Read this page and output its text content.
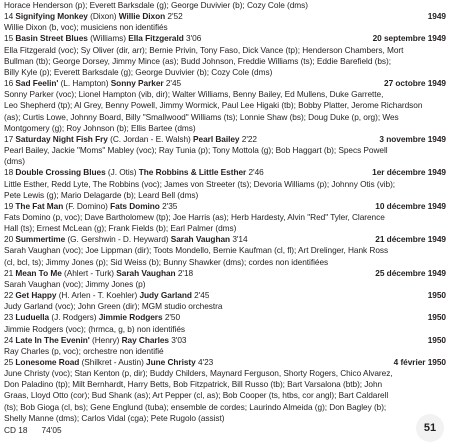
Horace Henderson (p); Everett Barksdale (g); George Duvivier (b); Cozy Cole (dms)
14 Signifying Monkey (Dixon) Willie Dixon 2'52	1949
Willie Dixon (b, voc); musiciens non identifiés
15 Basin Street Blues (Williams) Ella Fitzgerald 3'06	20 septembre 1949
Ella Fitzgerald (voc); Sy Oliver (dir, arr); Bernie Privin, Tony Faso, Dick Vance (tp); Henderson Chambers, Mort
Bullman (tb); George Dorsey, Jimmy Mince (as); Budd Johnson, Freddie Williams (ts); Eddie Barefield (bs);
Billy Kyle (p); Everett Barksdale (g); George Duvivier (b); Cozy Cole (dms)
16 Sad Feelin' (L. Hampton) Sonny Parker 2'45	27 octobre 1949
Sonny Parker (voc); Lionel Hampton (vib, dir); Walter Williams, Benny Bailey, Ed Mullens, Duke Garrette,
Leo Shepherd (tp); Al Grey, Benny Powell, Jimmy Wormick, Paul Lee Higaki (tb); Bobby Platter, Jerome Richardson
(as); Curtis Lowe, Johnny Board, Billy "Smallwood" Williams (ts); Lonnie Shaw (bs); Doug Duke (p, org); Wes
Montgomery (g); Roy Johnson (b); Ellis Bartee (dms)
17 Saturday Night Fish Fry (C. Jordan - E. Walsh) Pearl Bailey 2'22	3 novembre 1949
Pearl Bailey, Jackie "Moms" Mabley (voc); Ray Tunia (p); Tony Mottola (g); Bob Haggart (b); Specs Powell
(dms)
18 Double Crossing Blues (J. Otis) The Robbins & Little Esther 2'46	1er décembre 1949
Little Esther, Redd Lyte, The Robbins (voc); James von Streeter (ts); Devoria Williams (p); Johnny Otis (vib);
Pete Lewis (g); Mario Delagarde (b); Leard Bell (dms)
19 The Fat Man (F. Domino) Fats Domino 2'35	10 décembre 1949
Fats Domino (p, voc); Dave Bartholomew (tp); Joe Harris (as); Herb Hardesty, Alvin "Red" Tyler, Clarence
Hall (ts); Ernest McLean (g); Frank Fields (b); Earl Palmer (dms)
20 Summertime (G. Gershwin - D. Heyward) Sarah Vaughan 3'14	21 décembre 1949
Sarah Vaughan (voc); Joe Lippman (dir); Toots Mondello, Bernie Kaufman (cl, fl); Art Drelinger, Hank Ross
(cl, bcl, ts); Jimmy Jones (p); Sid Weiss (b); Bunny Shawker (dms); cordes non identifiées
21 Mean To Me (Ahlert - Turk) Sarah Vaughan 2'18	25 décembre 1949
Sarah Vaughan (voc); Jimmy Jones (p)
22 Get Happy (H. Arlen - T. Koehler) Judy Garland 2'45	1950
Judy Garland (voc); John Green (dir); MGM studio orchestra
23 Luduella (J. Rodgers) Jimmie Rodgers 2'50	1950
Jimmie Rodgers (voc); (hrmca, g, b) non identifiés
24 Late In The Evenin' (Henry) Ray Charles 3'03	1950
Ray Charles (p, voc); orchestre non identifié
25 Lonesome Road (Shilkret - Austin) June Christy 4'23	4 février 1950
June Christy (voc); Stan Kenton (p, dir); Buddy Childers, Maynard Ferguson, Shorty Rogers, Chico Alvarez,
Don Paladino (tp); Milt Bernhardt, Harry Betts, Bob Fitzpatrick, Bill Russo (tb); Bart Varsalona (btb); John
Graas, Lloyd Otto (cor); Bud Shank (as); Art Pepper (cl, as); Bob Cooper (ts, htbs, cor angl); Bart Caldarell
(ts); Bob Gioga (cl, bs); Gene Englund (tuba); ensemble de cordes; Laurindo Almeida (g); Don Bagley (b);
Shelly Manne (dms); Carlos Vidal (cga); Pete Rugolo (assist)
CD 18 74'05	51
